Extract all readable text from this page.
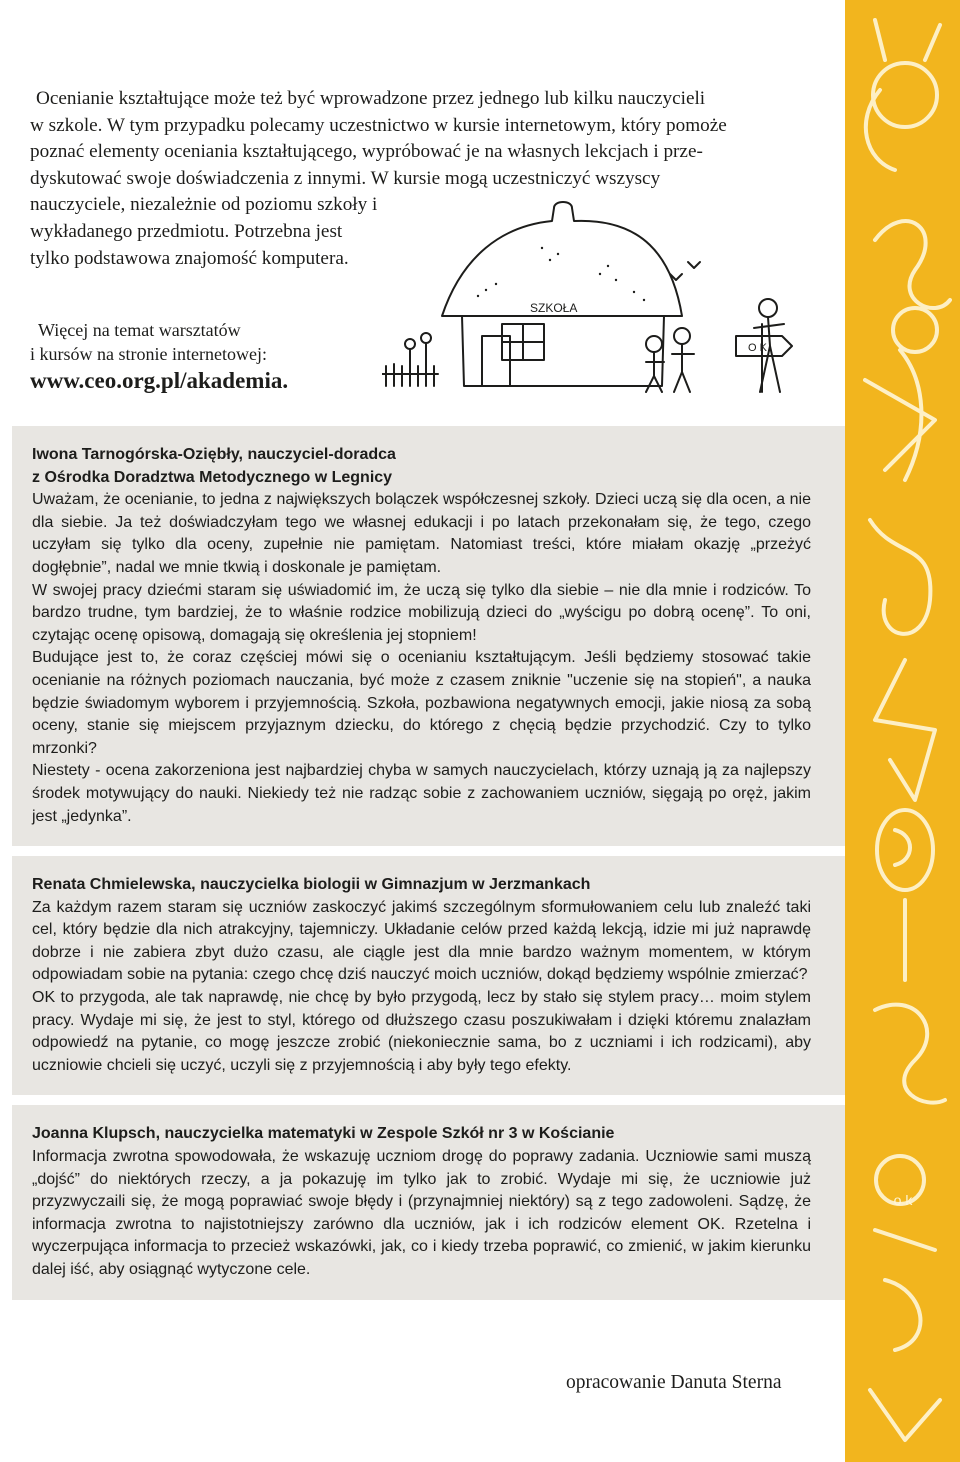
o k

Ocenianie kształtujące może też być wprowadzone przez jednego lub kilku nauczycieli
w szkole. W tym przypadku polecamy uczestnictwo w kursie internetowym, który pomoże
poznać elementy oceniania kształtującego, wypróbować je na własnych lekcjach i prze-
dyskutować swoje doświadczenia z innymi. W kursie mogą uczestniczyć wszyscy
nauczyciele, niezależnie od poziomu szkoły i
wykładanego przedmiotu. Potrzebna jest
tylko podstawowa znajomość komputera.

Więcej na temat warsztatów
i kursów na stronie internetowej:
www.ceo.org.pl/akademia.
SZKOŁA
O K
Iwona Tarnogórska-Oziębły, nauczyciel-doradca
z Ośrodka Doradztwa Metodycznego w Legnicy

Uważam, że ocenianie, to jedna z największych bolączek współczesnej szkoły. Dzieci uczą się dla ocen, a nie dla siebie. Ja też doświadczyłam tego we własnej edukacji i po latach przekonałam się, że tego, czego uczyłam się tylko dla oceny, zupełnie nie pamiętam. Natomiast treści, które miałam okazję „przeżyć dogłębnie”, nadal we mnie tkwią i doskonale je pamiętam.

W swojej pracy dziećmi staram się uświadomić im, że uczą się tylko dla siebie – nie dla mnie i rodziców. To bardzo trudne, tym bardziej, że to właśnie rodzice mobilizują dzieci do „wyścigu po dobrą ocenę”. To oni, czytając ocenę opisową, domagają się określenia jej stopniem!

Budujące jest to, że coraz częściej mówi się o ocenianiu kształtującym. Jeśli będziemy stosować takie ocenianie na różnych poziomach nauczania, być może z czasem zniknie "uczenie się na stopień", a nauka będzie świadomym wyborem i przyjemnością. Szkoła, pozbawiona negatywnych emocji, jakie niosą za sobą oceny, stanie się miejscem przyjaznym dziecku, do którego z chęcią będzie przychodzić. Czy to tylko mrzonki?

Niestety - ocena zakorzeniona jest najbardziej chyba w samych nauczycielach, którzy uznają ją za najlepszy środek motywujący do nauki. Niekiedy też nie radząc sobie z zachowaniem uczniów, sięgają po oręż, jakim jest „jedynka”.

Renata Chmielewska, nauczycielka biologii w Gimnazjum w Jerzmankach

Za każdym razem staram się uczniów zaskoczyć jakimś szczególnym sformułowaniem celu lub znaleźć taki cel, który będzie dla nich atrakcyjny, tajemniczy. Układanie celów przed każdą lekcją, idzie mi już naprawdę dobrze i nie zabiera zbyt dużo czasu, ale ciągle jest dla mnie bardzo ważnym momentem, w którym odpowiadam sobie na pytania: czego chcę dziś nauczyć moich uczniów, dokąd będziemy wspólnie zmierzać?

OK to przygoda, ale tak naprawdę, nie chcę by było przygodą, lecz by stało się stylem pracy… moim stylem pracy. Wydaje mi się, że jest to styl, którego od dłuższego czasu poszukiwałam i dzięki któremu znalazłam odpowiedź na pytanie, co mogę jeszcze zrobić (niekoniecznie sama, bo z uczniami i ich rodzicami), aby uczniowie chcieli się uczyć, uczyli się z przyjemnością i aby były tego efekty.

Joanna Klupsch, nauczycielka matematyki w Zespole Szkół nr 3 w Kościanie

Informacja zwrotna spowodowała, że wskazuję uczniom drogę do poprawy zadania. Uczniowie sami muszą „dojść” do niektórych rzeczy, a ja pokazuję im tylko jak to zrobić. Wydaje mi się, że uczniowie już przyzwyczaili się, że mogą poprawiać swoje błędy i (przynajmniej niektóry) są z tego zadowoleni. Sądzę, że informacja zwrotna to najistotniejszy zarówno dla uczniów, jak i ich rodziców element OK. Rzetelna i wyczerpująca informacja to przecież wskazówki, jak, co i kiedy trzeba poprawić, co zmienić, w jakim kierunku dalej iść, aby osiągnąć wytyczone cele.

opracowanie Danuta Sterna
